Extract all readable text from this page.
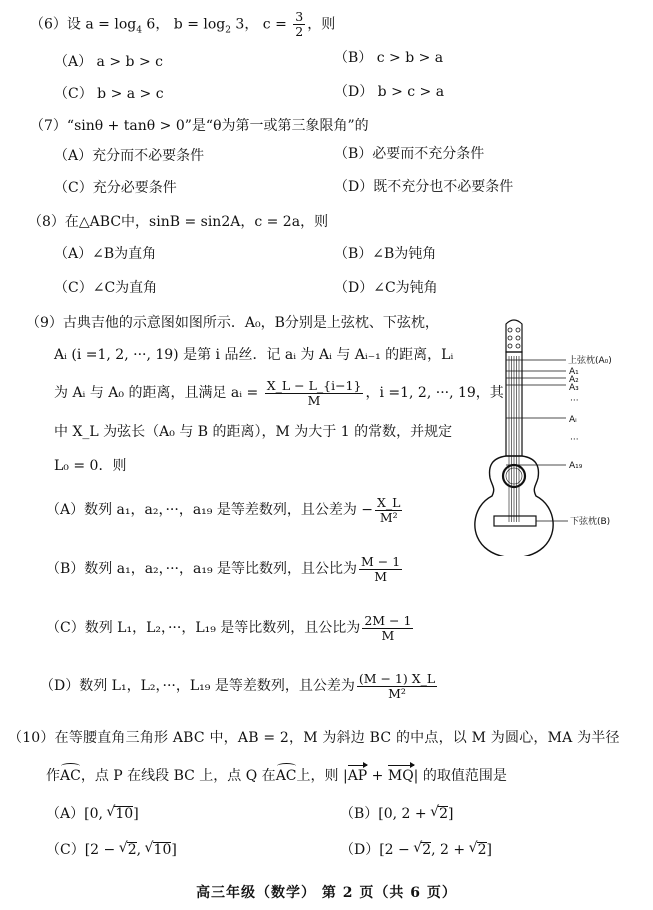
（6）设 $a = \log_4 6$， $b = \log_2 3$， $c = \frac{3}{2}$ ，则
（A） a > b > c	（B） c > b > a
（C） b > a > c	（D） b > c > a
（7）“sinθ + tanθ > 0”是“θ为第一或第三象限角”的
（A）充分而不必要条件	（B）必要而不充分条件
（C）充分必要条件	（D）既不充分也不必要条件
（8）在△ABC中，sinB = sin2A，c = 2a，则
（A）∠B为直角	（B）∠B为钝角
（C）∠C为直角	（D）∠C为钝角
（9）古典吉他的示意图如图所示．A₀，B分别是上弦枕、下弦枕，
Aᵢ (i =1, 2, ···, 19) 是第 i 品丝．记 aᵢ 为 Aᵢ 与 Aᵢ₋₁ 的距离，Lᵢ
为 Aᵢ 与 A₀ 的距离，且满足 aᵢ = $\frac{X\_L - L\_\{i-1\}}{M}$ ，i =1, 2, ···, 19，其
中 X_L 为弦长（A₀ 与 B 的距离），M 为大于 1 的常数，并规定
L₀ = 0．则
（A）数列 a₁，a₂，···，a₁₉ 是等差数列，且公差为 − $\frac{X\_L}{\text{M²}}$
（B）数列 a₁，a₂，···，a₁₉ 是等比数列，且公比为 $\frac{M - 1}{M}$
（C）数列 L₁，L₂，···，L₁₉ 是等比数列，且公比为 $\frac{2M - 1}{M}$
（D）数列 L₁，L₂，···，L₁₉ 是等差数列，且公差为 $\frac{(M - 1) X\_L}{\text{M²}}$
上弦枕(A₀)
A₁
A₂
A₃
···
Aᵢ
···
A₁₉
下弦枕(B)
（10）在等腰直角三角形 ABC 中，AB = 2，M 为斜边 BC 的中点，以 M 为圆心，MA 为半径
作AC，点 P 在线段 BC 上，点 Q 在AC上，则 |AP + MQ| 的取值范围是
（A）[0, √ 10]	（B）[0, 2 + √ 2]
（C）[2 − √ 2, √ 10]	（D）[2 − √ 2, 2 + √ 2]
高三年级（数学） 第 2 页（共 6 页）
